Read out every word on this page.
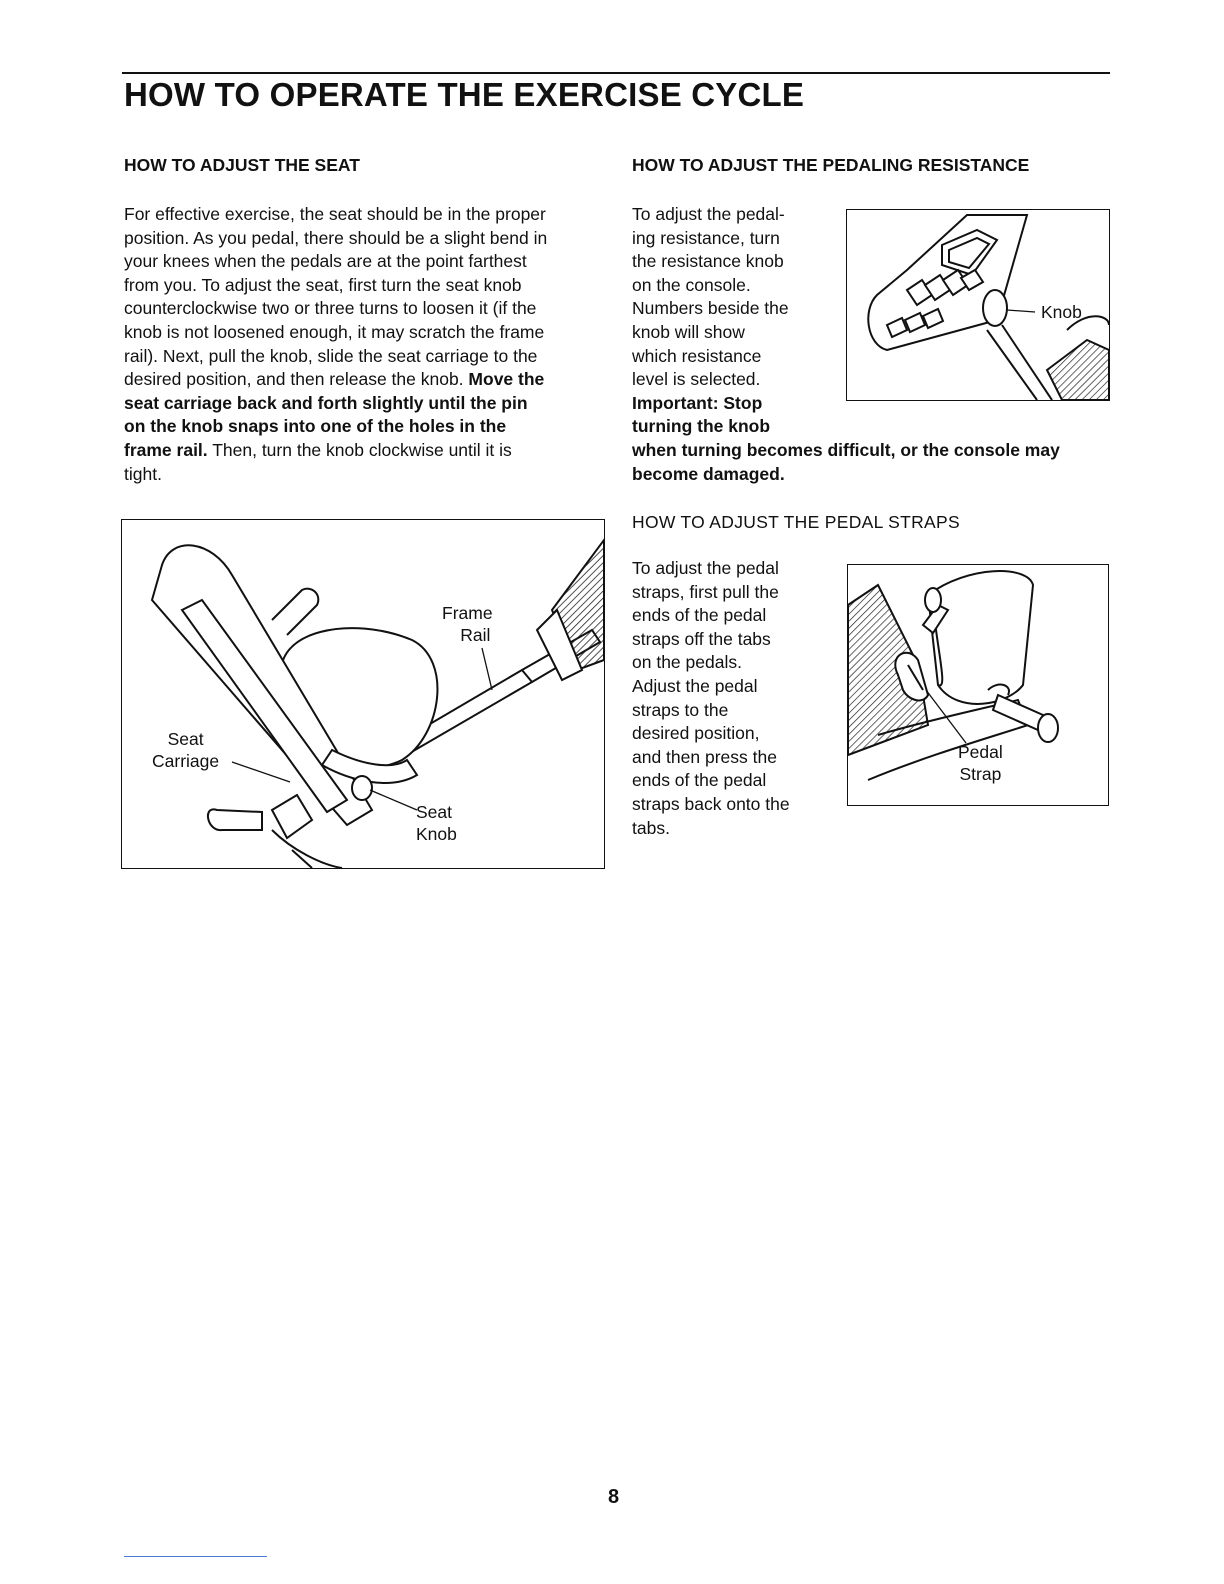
HOW TO OPERATE THE EXERCISE CYCLE
HOW TO ADJUST THE SEAT
For effective exercise, the seat should be in the proper
position. As you pedal, there should be a slight bend in
your knees when the pedals are at the point farthest
from you. To adjust the seat, first turn the seat knob
counterclockwise two or three turns to loosen it (if the
knob is not loosened enough, it may scratch the frame
rail). Next, pull the knob, slide the seat carriage to the
desired position, and then release the knob. Move the
seat carriage back and forth slightly until the pin
on the knob snaps into one of the holes in the
frame rail. Then, turn the knob clockwise until it is
tight.
Frame
Rail
Seat
Carriage
Seat
Knob
HOW TO ADJUST THE PEDALING RESISTANCE
To adjust the pedal-
ing resistance, turn
the resistance knob
on the console.
Numbers beside the
knob will show
which resistance
level is selected.
Important: Stop
turning the knob
when turning becomes difficult, or the console may
become damaged.
Knob
HOW TO ADJUST THE PEDAL STRAPS
To adjust the pedal
straps, first pull the
ends of the pedal
straps off the tabs
on the pedals.
Adjust the pedal
straps to the
desired position,
and then press the
ends of the pedal
straps back onto the
tabs.
Pedal
Strap
8
